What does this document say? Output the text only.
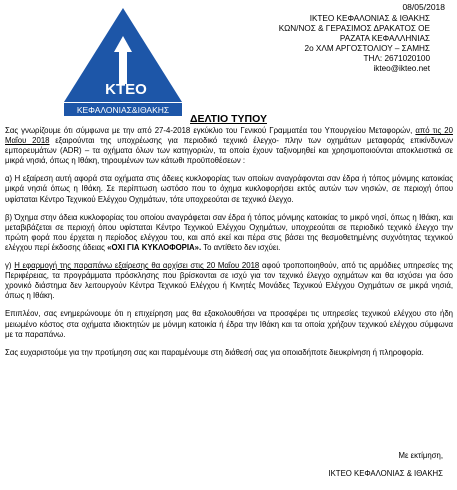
08/05/2018
KTEO
ΚΕΦΑΛΟΝΙΑΣ&ΙΘΑΚΗΣ
ΙΚΤΕΟ ΚΕΦΑΛΟΝΙΑΣ & ΙΘΑΚΗΣ
ΚΩΝ/ΝΟΣ & ΓΕΡΑΣΙΜΟΣ ΔΡΑΚΑΤΟΣ ΟΕ
ΡΑΖΑΤΑ ΚΕΦΑΛΛΗΝΙΑΣ
2ο ΧΛΜ ΑΡΓΟΣΤΟΛΙΟΥ – ΣΑΜΗΣ
ΤΗΛ: 2671020100
ikteo@ikteo.net
ΔΕΛΤΙΟ ΤΥΠΟΥ

Σας γνωρίζουμε ότι σύμφωνα με την από 27-4-2018 εγκύκλιο του Γενικού Γραμματέα του Υπουργείου Μεταφορών, από τις 20 Μαΐου 2018 εξαιρούνται της υποχρέωσης για περιοδικό τεχνικό έλεγχο- πλην των οχημάτων μεταφοράς επικίνδυνων εμπορευμάτων (ADR) – τα οχήματα όλων των κατηγοριών, τα οποία έχουν ταξινομηθεί και χρησιμοποιούνται αποκλειστικά σε μικρά νησιά, όπως η Ιθάκη, τηρουμένων των κάτωθι προϋποθέσεων :

α) Η εξαίρεση αυτή αφορά στα οχήματα στις άδειες κυκλοφορίας των οποίων αναγράφονται σαν έδρα ή τόπος μόνιμης κατοικίας μικρά νησιά όπως η Ιθάκη. Σε περίπτωση ωστόσο που το όχημα κυκλοφορήσει εκτός αυτών των νησιών, σε περιοχή όπου υφίσταται Κέντρο Τεχνικού Ελέγχου Οχημάτων, τότε υποχρεούται σε τεχνικό έλεγχο.

β) Όχημα στην άδεια κυκλοφορίας του οποίου αναγράφεται σαν έδρα ή τόπος μόνιμης κατοικίας το μικρό νησί, όπως η Ιθάκη, και μεταβιβάζεται σε περιοχή όπου υφίσταται Κέντρο Τεχνικού Ελέγχου Οχημάτων, υποχρεούται σε περιοδικό τεχνικό έλεγχο την πρώτη φορά που έρχεται η περίοδος ελέγχου του, και από εκεί και πέρα στις βάσει της θεσμοθετημένης συχνότητας τεχνικού ελέγχου περί έκδοσης άδειας «ΟΧΙ ΓΙΑ ΚΥΚΛΟΦΟΡΙΑ». Το αντίθετο δεν ισχύει.

γ) Η εφαρμογή της παραπάνω εξαίρεσης θα αρχίσει στις 20 Μαΐου 2018 αφού τροποποιηθούν, από τις αρμόδιες υπηρεσίες της Περιφέρειας, τα προγράμματα πρόσκλησης που βρίσκονται σε ισχύ για τον τεχνικό έλεγχο οχημάτων και θα ισχύσει για όσο χρονικό διάστημα δεν λειτουργούν Κέντρα Τεχνικού Ελέγχου ή Κινητές Μονάδες Τεχνικού Ελέγχου Οχημάτων σε μικρά νησιά, όπως η Ιθάκη.

Επιπλέον, σας ενημερώνουμε ότι η επιχείρηση μας θα εξακολουθήσει να προσφέρει τις υπηρεσίες τεχνικού ελέγχου στο ήδη μειωμένο κόστος στα οχήματα ιδιοκτητών με μόνιμη κατοικία ή έδρα την Ιθάκη και τα οποία χρήζουν τεχνικού ελέγχου σύμφωνα με τα παραπάνω.

Σας ευχαριστούμε για την προτίμηση σας και παραμένουμε στη διάθεσή σας για οποιαδήποτε διευκρίνηση ή πληροφορία.

Με εκτίμηση,
ΙΚΤΕΟ ΚΕΦΑΛΟΝΙΑΣ & ΙΘΑΚΗΣ
